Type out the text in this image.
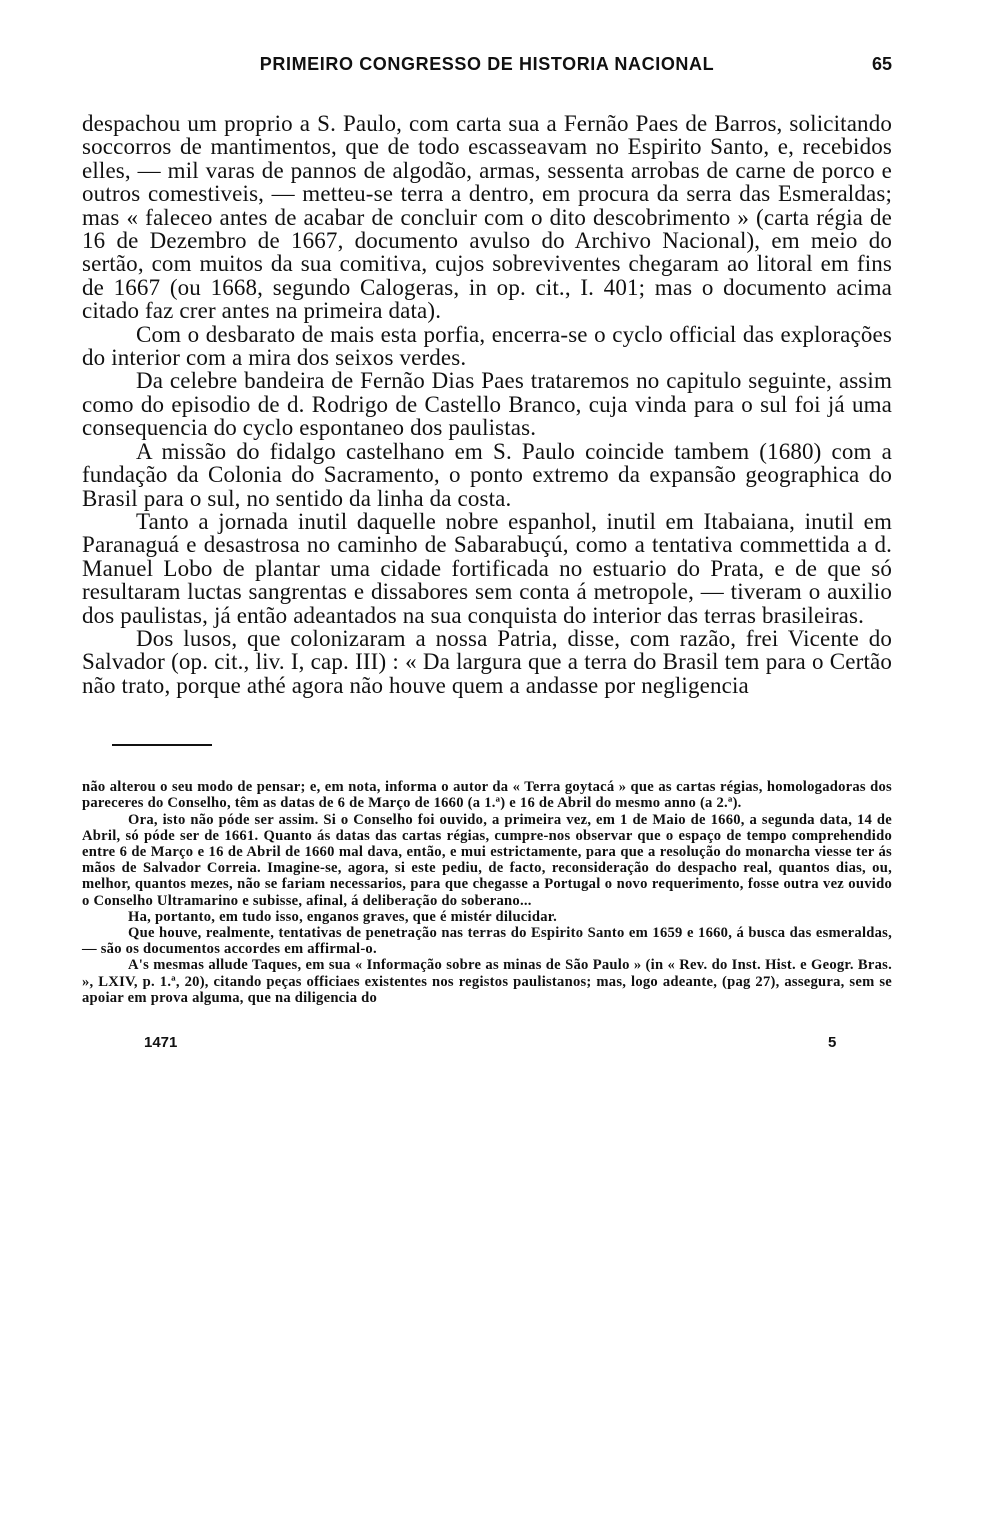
PRIMEIRO CONGRESSO DE HISTORIA NACIONAL	65

despachou um proprio a S. Paulo, com carta sua a Fernão Paes de Barros, solicitando soccorros de mantimentos, que de todo escasseavam no Espirito Santo, e, recebidos elles, — mil varas de pannos de algodão, armas, sessenta arrobas de carne de porco e outros comestiveis, — metteu-se terra a dentro, em procura da serra das Esmeraldas; mas « faleceo antes de acabar de concluir com o dito descobrimento » (carta régia de 16 de Dezembro de 1667, documento avulso do Archivo Nacional), em meio do sertão, com muitos da sua comitiva, cujos sobreviventes chegaram ao litoral em fins de 1667 (ou 1668, segundo Calogeras, in op. cit., I. 401; mas o documento acima citado faz crer antes na primeira data).

Com o desbarato de mais esta porfia, encerra-se o cyclo official das explorações do interior com a mira dos seixos verdes.

Da celebre bandeira de Fernão Dias Paes trataremos no capitulo seguinte, assim como do episodio de d. Rodrigo de Castello Branco, cuja vinda para o sul foi já uma consequencia do cyclo espontaneo dos paulistas.

A missão do fidalgo castelhano em S. Paulo coincide tambem (1680) com a fundação da Colonia do Sacramento, o ponto extremo da expansão geographica do Brasil para o sul, no sentido da linha da costa.

Tanto a jornada inutil daquelle nobre espanhol, inutil em Itabaiana, inutil em Paranaguá e desastrosa no caminho de Sabarabuçú, como a tentativa commettida a d. Manuel Lobo de plantar uma cidade fortificada no estuario do Prata, e de que só resultaram luctas sangrentas e dissabores sem conta á metropole, — tiveram o auxilio dos paulistas, já então adeantados na sua conquista do interior das terras brasileiras.

Dos lusos, que colonizaram a nossa Patria, disse, com razão, frei Vicente do Salvador (op. cit., liv. I, cap. III) : « Da largura que a terra do Brasil tem para o Certão não trato, porque athé agora não houve quem a andasse por negligencia

não alterou o seu modo de pensar; e, em nota, informa o autor da « Terra goytacá » que as cartas régias, homologadoras dos pareceres do Conselho, têm as datas de 6 de Março de 1660 (a 1.ª) e 16 de Abril do mesmo anno (a 2.ª).

Ora, isto não póde ser assim. Si o Conselho foi ouvido, a primeira vez, em 1 de Maio de 1660, a segunda data, 14 de Abril, só póde ser de 1661. Quanto ás datas das cartas régias, cumpre-nos observar que o espaço de tempo comprehendido entre 6 de Março e 16 de Abril de 1660 mal dava, então, e mui estrictamente, para que a resolução do monarcha viesse ter ás mãos de Salvador Correia. Imagine-se, agora, si este pediu, de facto, reconsideração do despacho real, quantos dias, ou, melhor, quantos mezes, não se fariam necessarios, para que chegasse a Portugal o novo requerimento, fosse outra vez ouvido o Conselho Ultramarino e subisse, afinal, á deliberação do soberano...

Ha, portanto, em tudo isso, enganos graves, que é mistér dilucidar.

Que houve, realmente, tentativas de penetração nas terras do Espirito Santo em 1659 e 1660, á busca das esmeraldas, — são os documentos accordes em affirmal-o.

A's mesmas allude Taques, em sua « Informação sobre as minas de São Paulo » (in « Rev. do Inst. Hist. e Geogr. Bras. », LXIV, p. 1.ª, 20), citando peças officiaes existentes nos registos paulistanos; mas, logo adeante, (pag 27), assegura, sem se apoiar em prova alguma, que na diligencia do

1471	5
